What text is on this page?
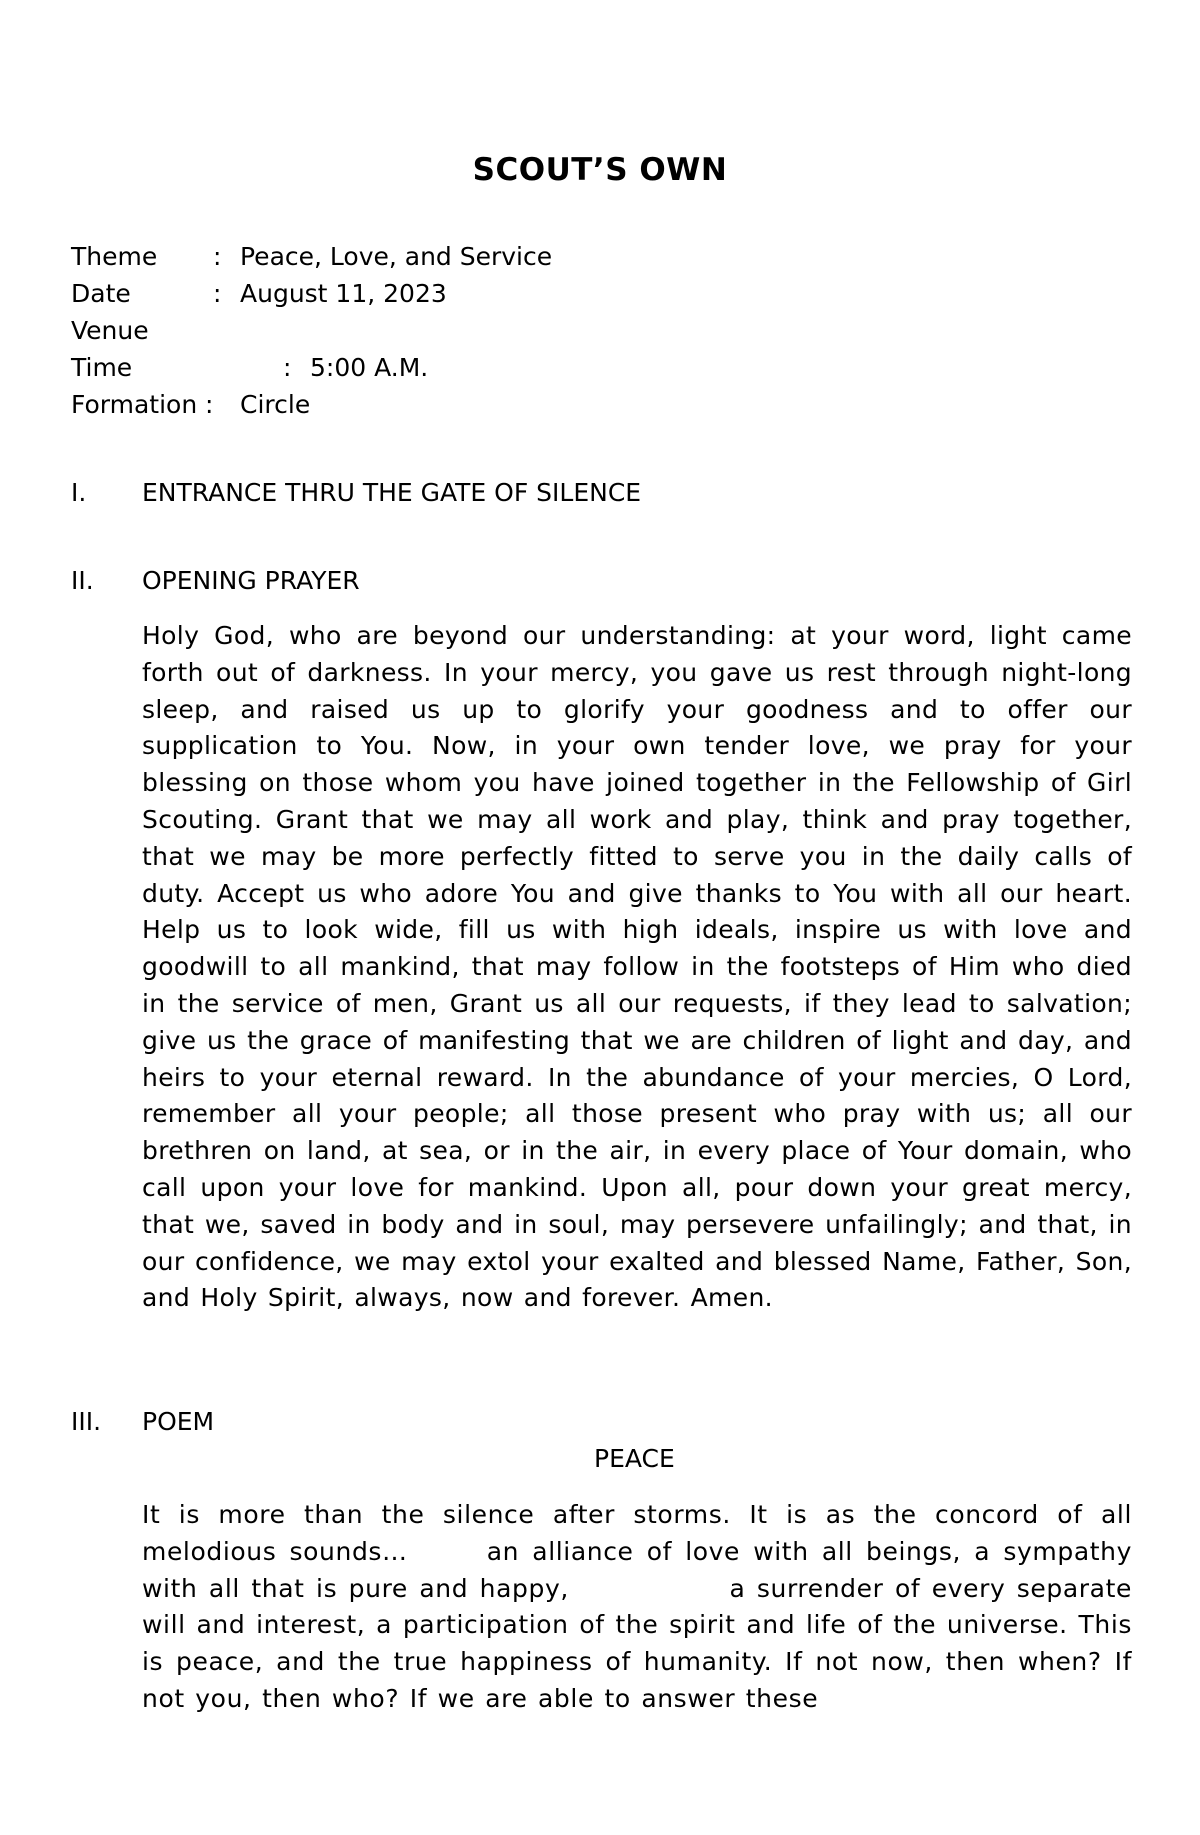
SCOUT’S OWN
Theme : Peace, Love, and Service
Date	: August 11, 2023
Venue
Time	: 5:00 A.M.
Formation : Circle
I. ENTRANCE THRU THE GATE OF SILENCE
II. OPENING PRAYER
Holy God, who are beyond our understanding: at your word, light came forth out of darkness. In your mercy, you gave us rest through night-long sleep, and raised us up to glorify your goodness and to offer our supplication to You. Now, in your own tender love, we pray for your blessing on those whom you have joined together in the Fellowship of Girl Scouting. Grant that we may all work and play, think and pray together, that we may be more perfectly fitted to serve you in the daily calls of duty. Accept us who adore You and give thanks to You with all our heart. Help us to look wide, fill us with high ideals, inspire us with love and goodwill to all mankind, that may follow in the footsteps of Him who died in the service of men, Grant us all our requests, if they lead to salvation; give us the grace of manifesting that we are children of light and day, and heirs to your eternal reward. In the abundance of your mercies, O Lord, remember all your people; all those present who pray with us; all our brethren on land, at sea, or in the air, in every place of Your domain, who call upon your love for mankind. Upon all, pour down your great mercy, that we, saved in body and in soul, may persevere unfailingly; and that, in our confidence, we may extol your exalted and blessed Name, Father, Son, and Holy Spirit, always, now and forever. Amen.
III. POEM
PEACE
It is more than the silence after storms. It is as the concord of all melodious sounds…      an alliance of love with all beings, a sympathy with all that is pure and happy,              a surrender of every separate will and interest, a participation of the spirit and life of the universe. This is peace, and the true happiness of humanity. If not now, then when? If not you, then who? If we are able to answer these
